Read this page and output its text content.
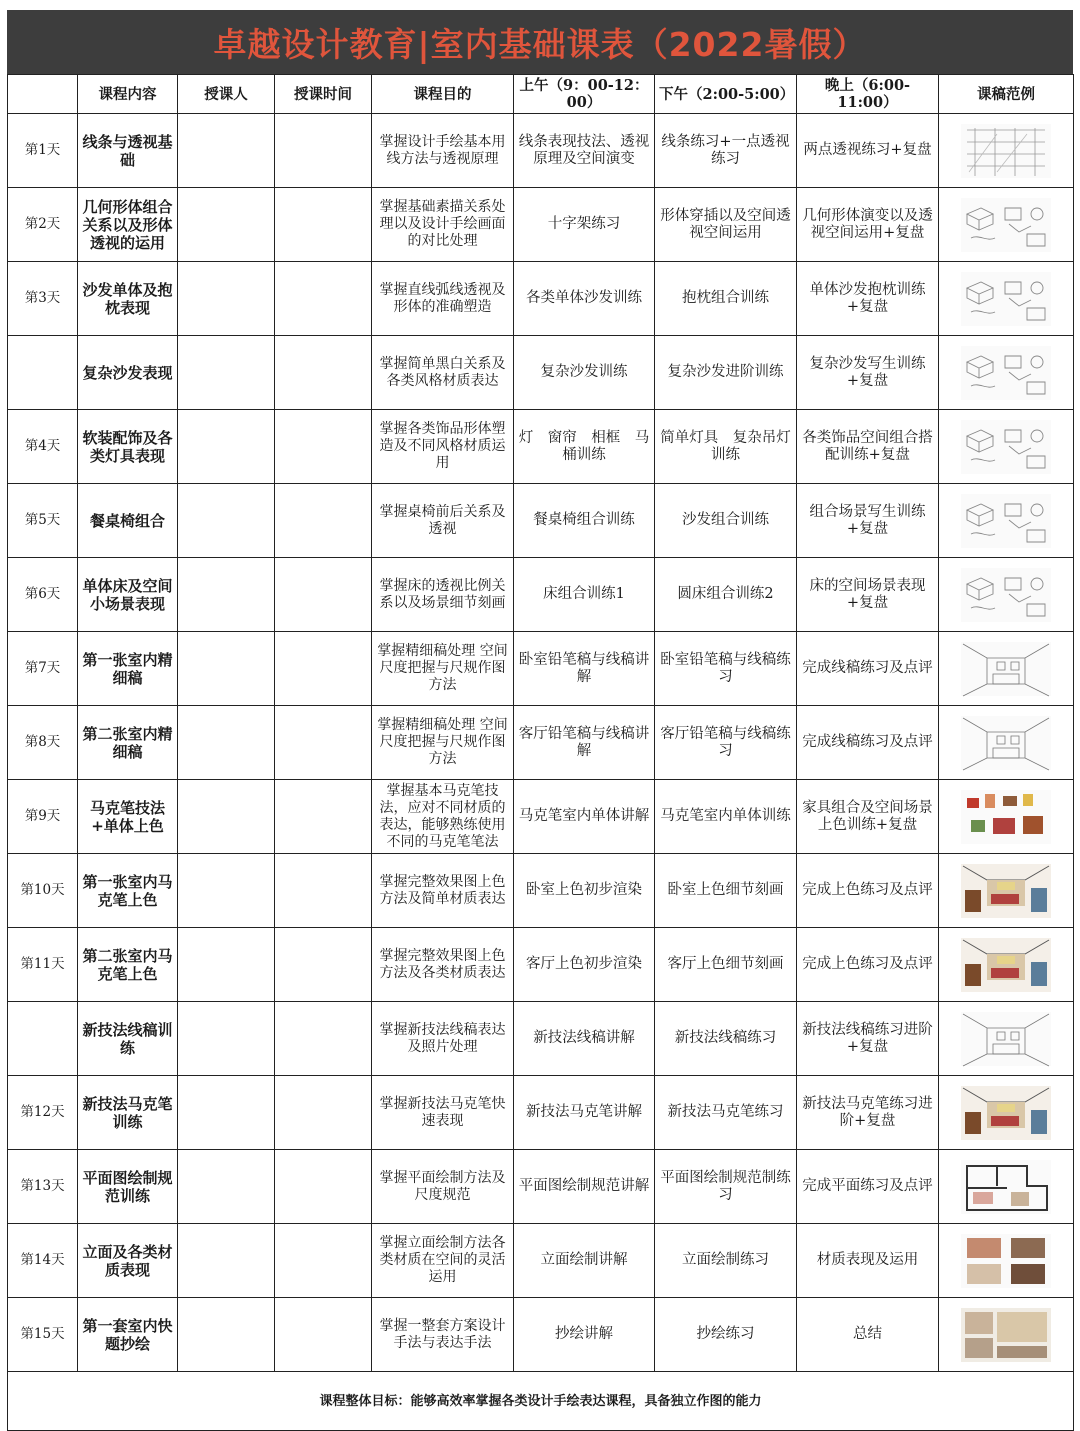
卓越设计教育|室内基础课表（2022暑假）
	课程内容	授课人	授课时间	课程目的	上午（9：00-12：00）	下午（2:00-5:00）	晚上（6:00-11:00）	课稿范例
第1天	线条与透视基础			掌握设计手绘基本用线方法与透视原理	线条表现技法、透视原理及空间演变	线条练习+一点透视练习	两点透视练习+复盘	

第2天	几何形体组合关系以及形体透视的运用			掌握基础素描关系处理以及设计手绘画面的对比处理	十字架练习	形体穿插以及空间透视空间运用	几何形体演变以及透视空间运用+复盘	

第3天	沙发单体及抱枕表现			掌握直线弧线透视及形体的准确塑造	各类单体沙发训练	抱枕组合训练	单体沙发抱枕训练+复盘	

	复杂沙发表现			掌握简单黑白关系及各类风格材质表达	复杂沙发训练	复杂沙发进阶训练	复杂沙发写生训练+复盘	

第4天	软装配饰及各类灯具表现			掌握各类饰品形体塑造及不同风格材质运用	灯　窗帘　相框　马桶训练	简单灯具　复杂吊灯训练	各类饰品空间组合搭配训练+复盘	

第5天	餐桌椅组合			掌握桌椅前后关系及透视	餐桌椅组合训练	沙发组合训练	组合场景写生训练+复盘	

第6天	单体床及空间小场景表现			掌握床的透视比例关系以及场景细节刻画	床组合训练1	圆床组合训练2	床的空间场景表现+复盘	

第7天	第一张室内精细稿			掌握精细稿处理 空间尺度把握与尺规作图方法	卧室铅笔稿与线稿讲解	卧室铅笔稿与线稿练习	完成线稿练习及点评	

第8天	第二张室内精细稿			掌握精细稿处理 空间尺度把握与尺规作图方法	客厅铅笔稿与线稿讲解	客厅铅笔稿与线稿练习	完成线稿练习及点评	

第9天	马克笔技法+单体上色			掌握基本马克笔技法，应对不同材质的表达，能够熟练使用不同的马克笔笔法	马克笔室内单体讲解	马克笔室内单体训练	家具组合及空间场景上色训练+复盘	

第10天	第一张室内马克笔上色			掌握完整效果图上色方法及简单材质表达	卧室上色初步渲染	卧室上色细节刻画	完成上色练习及点评	

第11天	第二张室内马克笔上色			掌握完整效果图上色方法及各类材质表达	客厅上色初步渲染	客厅上色细节刻画	完成上色练习及点评	

	新技法线稿训练			掌握新技法线稿表达及照片处理	新技法线稿讲解	新技法线稿练习	新技法线稿练习进阶+复盘	

第12天	新技法马克笔训练			掌握新技法马克笔快速表现	新技法马克笔讲解	新技法马克笔练习	新技法马克笔练习进阶+复盘	

第13天	平面图绘制规范训练			掌握平面绘制方法及尺度规范	平面图绘制规范讲解	平面图绘制规范制练习	完成平面练习及点评	

第14天	立面及各类材质表现			掌握立面绘制方法各类材质在空间的灵活运用	立面绘制讲解	立面绘制练习	材质表现及运用	

第15天	第一套室内快题抄绘			掌握一整套方案设计手法与表达手法	抄绘讲解	抄绘练习	总结	

课程整体目标：能够高效率掌握各类设计手绘表达课程，具备独立作图的能力								
